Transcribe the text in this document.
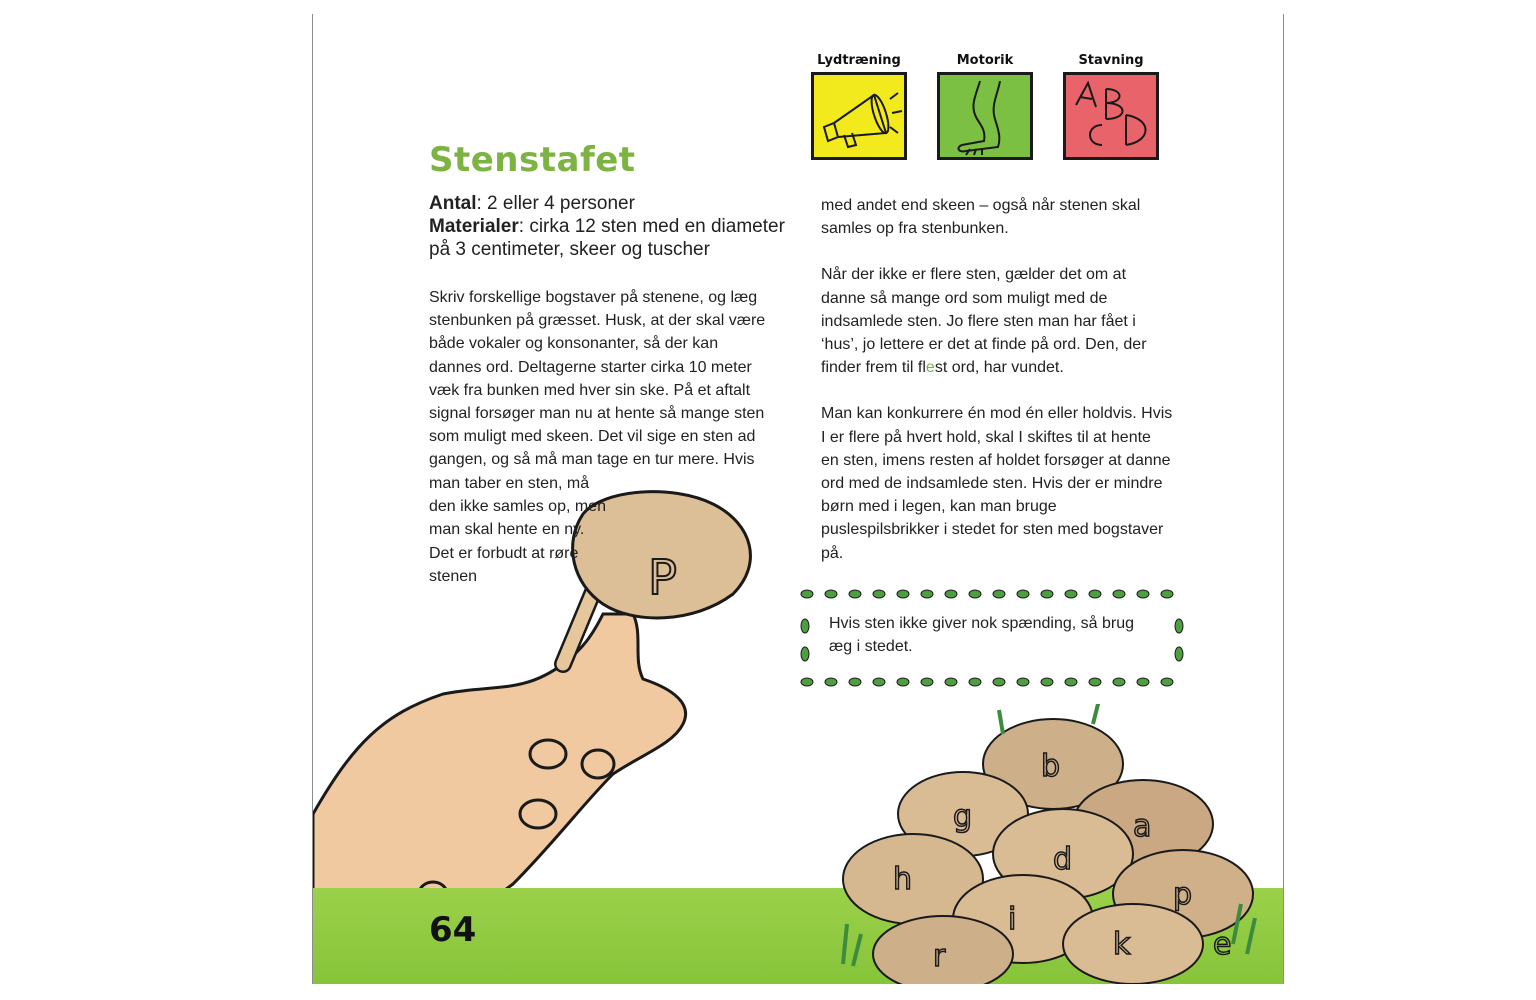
Lydtræning	Motorik	Stavning
Stenstafet
Antal: 2 eller 4 personer
Materialer: cirka 12 sten med en diameter på 3 centimeter, skeer og tuscher
Skriv forskellige bogstaver på stenene, og læg stenbunken på græsset. Husk, at der skal være både vokaler og konsonanter, så der kan dannes ord. Deltagerne starter cirka 10 meter væk fra bunken med hver sin ske. På et aftalt signal forsøger man nu at hente så mange sten som muligt med skeen. Det vil sige en sten ad gangen, og så må man tage en tur mere. Hvis
P
man taber en sten, må den ikke samles op, men man skal hente en ny. Det er forbudt at røre stenen

med andet end skeen – også når stenen skal samles op fra stenbunken.

Når der ikke er flere sten, gælder det om at danne så mange ord som muligt med de indsamlede sten. Jo flere sten man har fået i ‘hus’, jo lettere er det at finde på ord. Den, der finder frem til flest ord, har vundet.

Man kan konkurrere én mod én eller holdvis. Hvis I er flere på hvert hold, skal I skiftes til at hente en sten, imens resten af holdet forsøger at danne ord med de indsamlede sten. Hvis der er mindre børn med i legen, kan man bruge puslespilsbrikker i stedet for sten med bogstaver på.

Hvis sten ikke giver nok spænding, så brug æg i stedet.
b
g
d
a
h
i
p
k	e
r
64
